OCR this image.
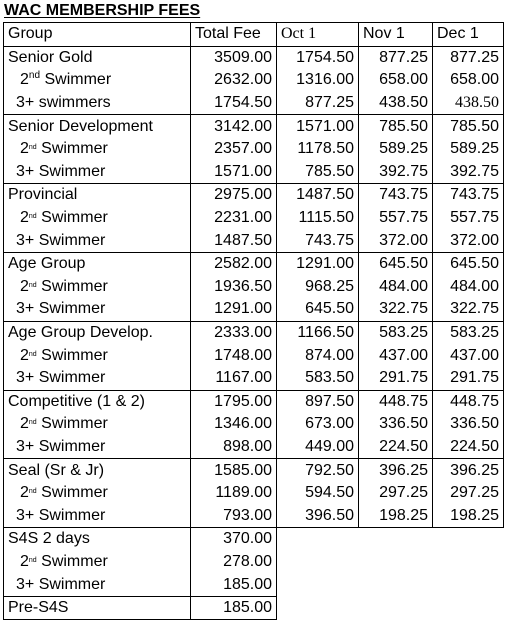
WAC MEMBERSHIP FEES
Group	Total Fee	Oct 1	Nov 1	Dec 1
Senior Gold	3509.00	1754.50	877.25	877.25
2nd Swimmer	2632.00	1316.00	658.00	658.00
3+ swimmers	1754.50	877.25	438.50	438.50
Senior Development	3142.00	1571.00	785.50	785.50
2nd Swimmer	2357.00	1178.50	589.25	589.25
3+ Swimmer	1571.00	785.50	392.75	392.75
Provincial	2975.00	1487.50	743.75	743.75
2nd Swimmer	2231.00	1115.50	557.75	557.75
3+ Swimmer	1487.50	743.75	372.00	372.00
Age Group	2582.00	1291.00	645.50	645.50
2nd Swimmer	1936.50	968.25	484.00	484.00
3+ Swimmer	1291.00	645.50	322.75	322.75
Age Group Develop.	2333.00	1166.50	583.25	583.25
2nd Swimmer	1748.00	874.00	437.00	437.00
3+ Swimmer	1167.00	583.50	291.75	291.75
Competitive (1 & 2)	1795.00	897.50	448.75	448.75
2nd Swimmer	1346.00	673.00	336.50	336.50
3+ Swimmer	898.00	449.00	224.50	224.50
Seal (Sr & Jr)	1585.00	792.50	396.25	396.25
2nd Swimmer	1189.00	594.50	297.25	297.25
3+ Swimmer	793.00	396.50	198.25	198.25
S4S 2 days	370.00			
2nd Swimmer	278.00			
3+ Swimmer	185.00			
Pre-S4S	185.00			
